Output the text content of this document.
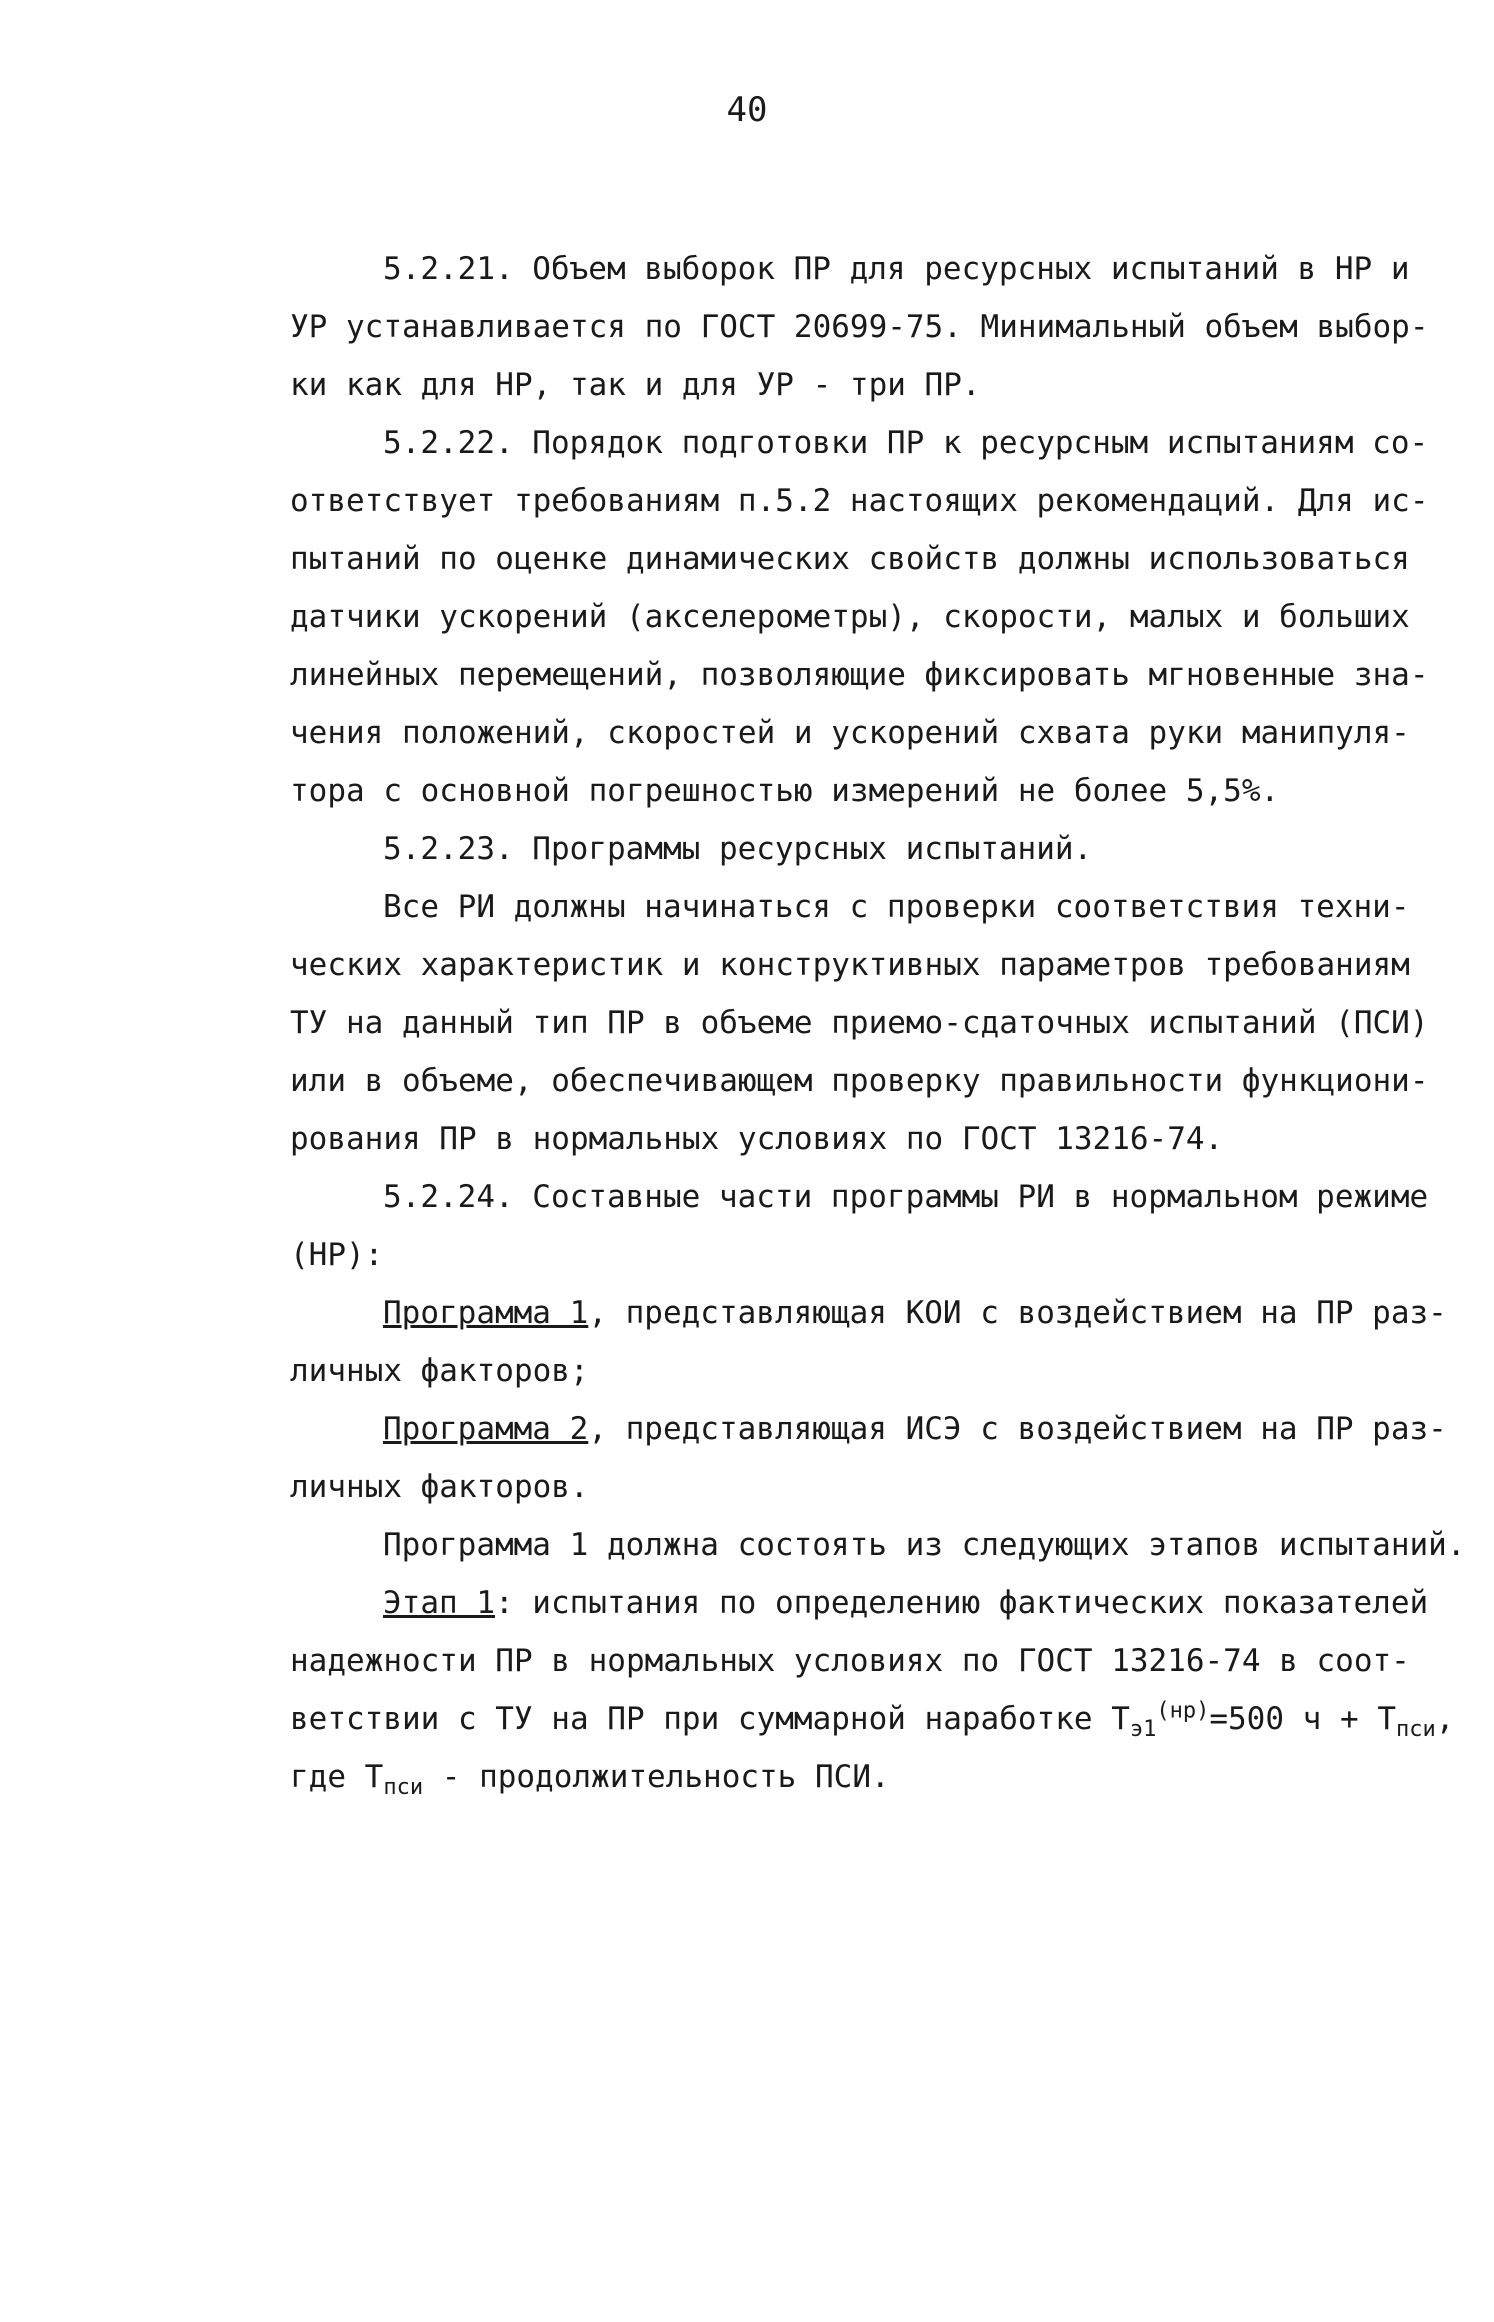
40
5.2.21. Объем выборок ПР для ресурсных испытаний в НР и
УР устанавливается по ГОСТ 20699-75. Минимальный объем выбор-
ки как для НР, так и для УР - три ПР.
5.2.22. Порядок подготовки ПР к ресурсным испытаниям со-
ответствует требованиям п.5.2 настоящих рекомендаций. Для ис-
пытаний по оценке динамических свойств должны использоваться
датчики ускорений (акселерометры), скорости, малых и больших
линейных перемещений, позволяющие фиксировать мгновенные зна-
чения положений, скоростей и ускорений схвата руки манипуля-
тора с основной погрешностью измерений не более 5,5%.
5.2.23. Программы ресурсных испытаний.
Все РИ должны начинаться с проверки соответствия техни-
ческих характеристик и конструктивных параметров требованиям
ТУ на данный тип ПР в объеме приемо-сдаточных испытаний (ПСИ)
или в объеме, обеспечивающем проверку правильности функциони-
рования ПР в нормальных условиях по ГОСТ 13216-74.
5.2.24. Составные части программы РИ в нормальном режиме
(НР):
Программа 1, представляющая КОИ с воздействием на ПР раз-
личных факторов;
Программа 2, представляющая ИСЭ с воздействием на ПР раз-
личных факторов.
Программа 1 должна состоять из следующих этапов испытаний.
Этап 1: испытания по определению фактических показателей
надежности ПР в нормальных условиях по ГОСТ 13216-74 в соот-
ветствии с ТУ на ПР при суммарной наработке $Т_{э1}^{(нр)}=500$ $ч + Т_{пси}$,
где $Т_{пси}$ - продолжительность ПСИ.
